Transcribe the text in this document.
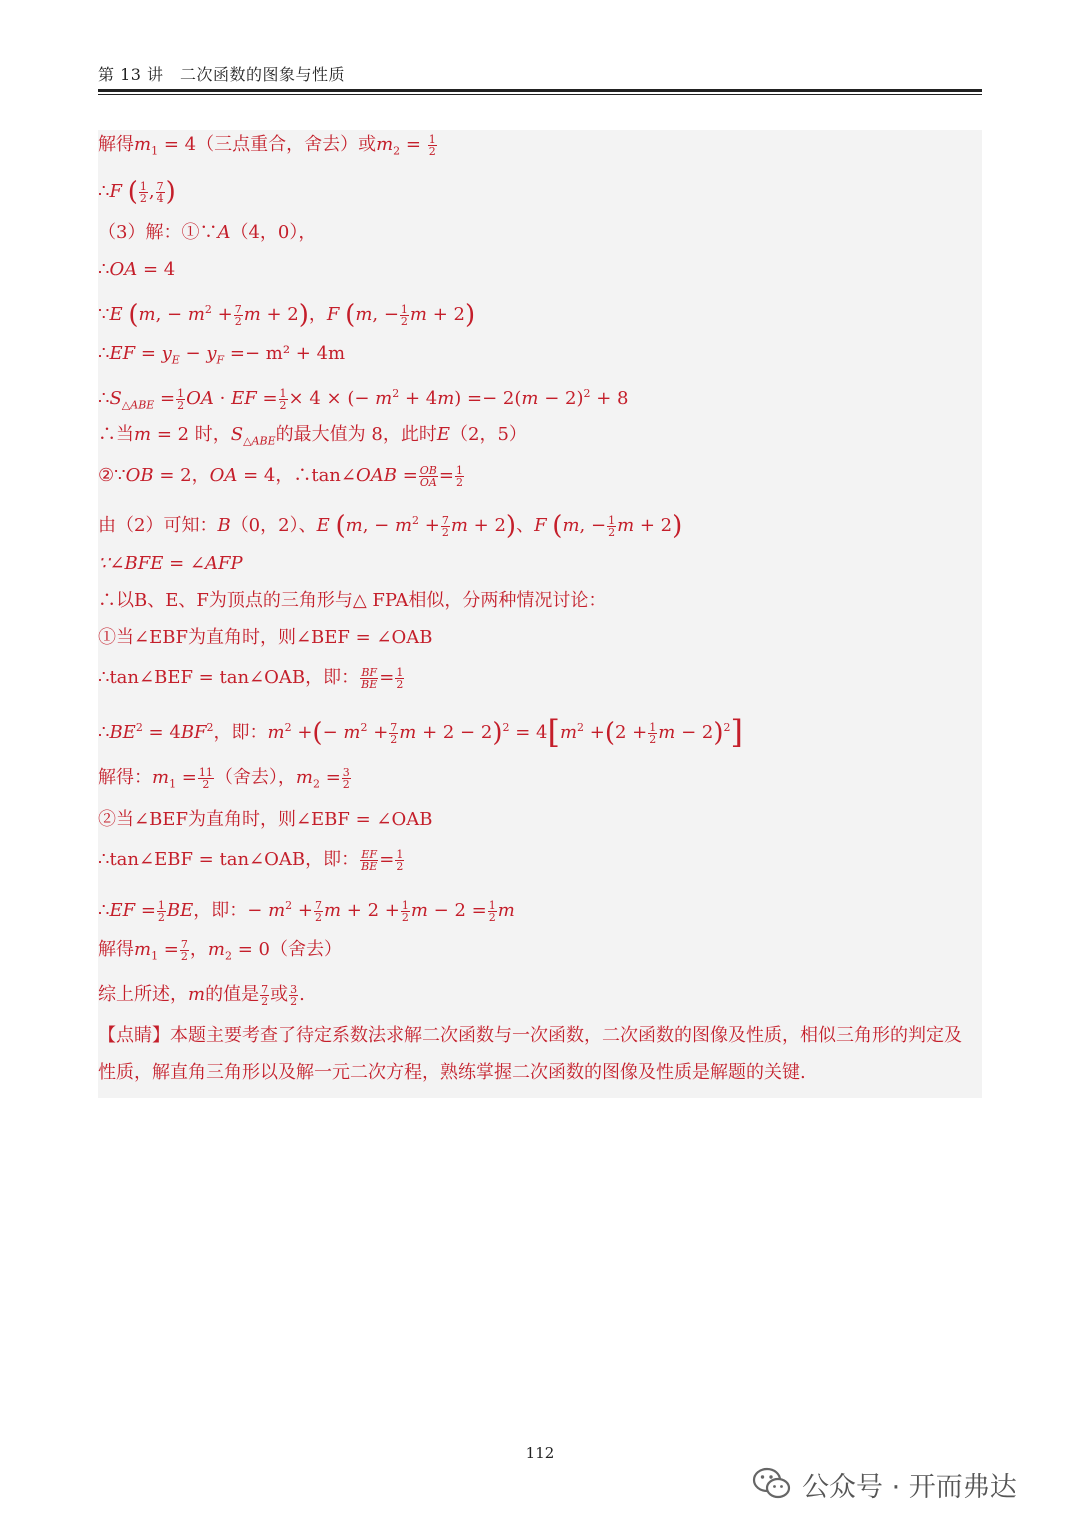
第 13 讲　二次函数的图象与性质
解得$m_1 = 4$（三点重合，舍去）或$m_2 = \frac{1}{2}$
∴F ( $\frac{1}{2}$ , $\frac{7}{4}$ )
（3）解：①∵A（4，0），
∴OA = 4
∵E (m, − $m^2 + \frac{7}{2}$ m + 2)，F (m, − $\frac{1}{2}$ m + 2)
∴EF = $y_E - y_F =- m^2 + 4m$
$\therefore S_{\triangle ABE} = \frac{1}{2}$ OA · EF = $\frac{1}{2} \times 4$ × (− $m^2 + 4m) =- 2(m - 2)^2 + 8$
∴当m = 2 时，$S_{\triangle ABE}$的最大值为 8，此时E（2，5）
②∵OB = 2，OA = 4，∴tan∠OAB = $\frac{OB}{OA} = \frac{1}{2}$
由（2）可知：B（0，2）、E (m, − $m^2 + \frac{7}{2}$ m + 2)、F (m, − $\frac{1}{2}$ m + 2)
∵∠BFE = ∠AFP
∴以B、E、F为顶点的三角形与△ FPA相似，分两种情况讨论：
①当∠EBF为直角时，则∠BEF = ∠OAB
∴tan∠BEF = tan∠OAB，即： $\frac{BF}{BE} = \frac{1}{2}$
$\therefore BE^2 = 4BF^2$，即：$m^2$ +(− $m^2 + \frac{7}{2}$ $m + 2 - 2)^2 = 4[m^2 +(2 + \frac{1}{2}$ $m - 2)^2$]
解得：$m_1 = \frac{11}{2}$ （舍去），$m_2 = \frac{3}{2}$
②当∠BEF为直角时，则∠EBF = ∠OAB
∴tan∠EBF = tan∠OAB，即： $\frac{EF}{BE} = \frac{1}{2}$
∴EF = $\frac{1}{2}$ BE，即：− $m^2 + \frac{7}{2}$ $m + 2 + \frac{1}{2}$ $m - 2 = \frac{1}{2}$ m
解得$m_1 = \frac{7}{2}$ ，$m_2 = 0$（舍去）
综上所述，m的值是 $\frac{7}{2}$ 或 $\frac{3}{2}$ .
【点睛】本题主要考查了待定系数法求解二次函数与一次函数，二次函数的图像及性质，相似三角形的判定及性质，解直角三角形以及解一元二次方程，熟练掌握二次函数的图像及性质是解题的关键.
112
公众号 · 开而弗达
